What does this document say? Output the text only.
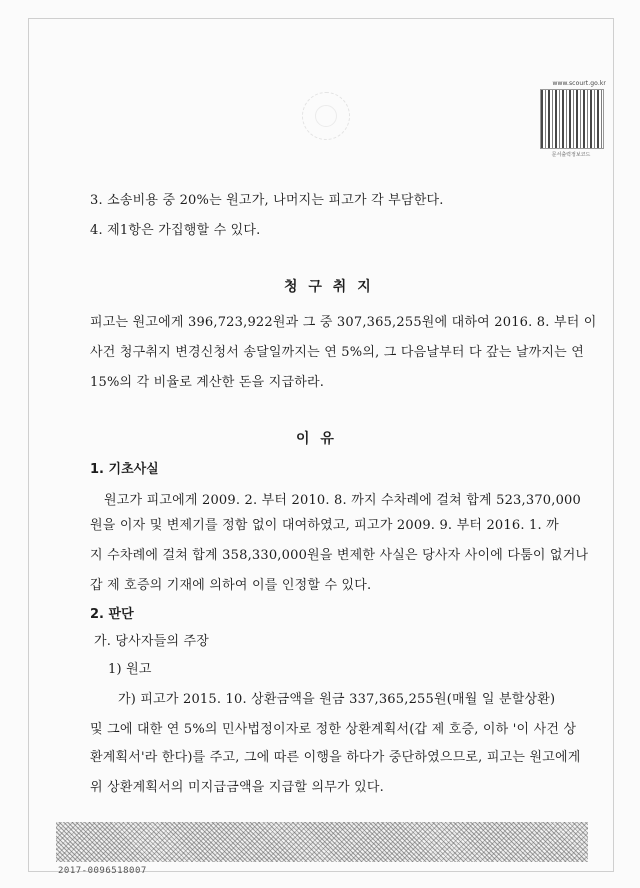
www.scourt.go.kr
문서출력정보코드
3. 소송비용 중 20%는 원고가, 나머지는 피고가 각 부담한다.
4. 제1항은 가집행할 수 있다.
청 구 취 지
피고는 원고에게 396,723,922원과 그 중 307,365,255원에 대하여 2016. 8. 부터 이
사건 청구취지 변경신청서 송달일까지는 연 5%의, 그 다음날부터 다 갚는 날까지는 연
15%의 각 비율로 계산한 돈을 지급하라.
이 유
1. 기초사실
원고가 피고에게 2009. 2. 부터 2010. 8. 까지 수차례에 걸쳐 합계 523,370,000
원을 이자 및 변제기를 정함 없이 대여하였고, 피고가 2009. 9. 부터 2016. 1. 까
지 수차례에 걸쳐 합계 358,330,000원을 변제한 사실은 당사자 사이에 다툼이 없거나
갑 제 호증의 기재에 의하여 이를 인정할 수 있다.
2. 판단
가. 당사자들의 주장
1) 원고
가) 피고가 2015. 10. 상환금액을 원금 337,365,255원(매월 일 분할상환)
및 그에 대한 연 5%의 민사법정이자로 정한 상환계획서(갑 제 호증, 이하 '이 사건 상
환계획서'라 한다)를 주고, 그에 따른 이행을 하다가 중단하였으므로, 피고는 원고에게
위 상환계획서의 미지급금액을 지급할 의무가 있다.
2017-0096518007
